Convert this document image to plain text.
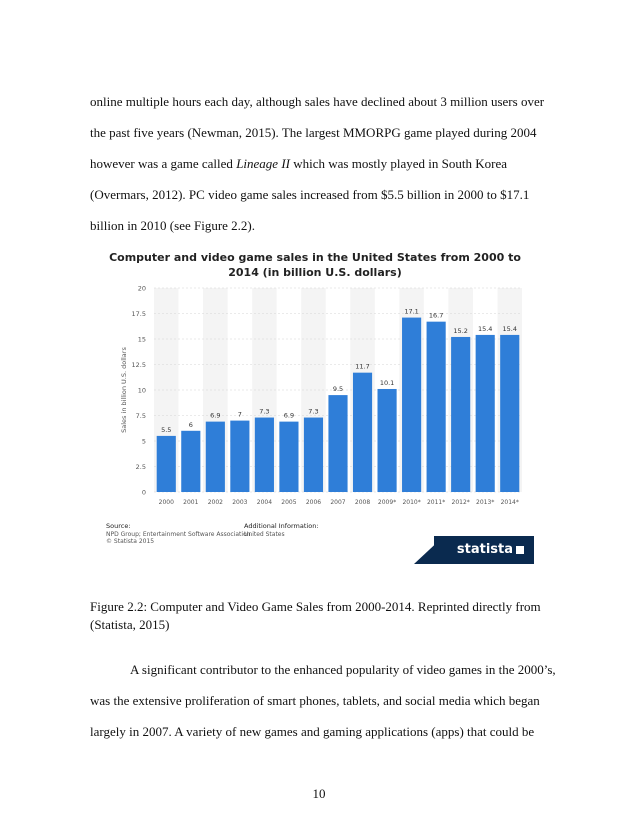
online multiple hours each day, although sales have declined about 3 million users over
the past five years (Newman, 2015). The largest MMORPG game played during 2004
however was a game called Lineage II which was mostly played in South Korea
(Overmars, 2012). PC video game sales increased from $5.5 billion in 2000 to $17.1
billion in 2010 (see Figure 2.2).
Computer and video game sales in the United States from 2000 to 2014 (in billion U.S. dollars)
0
2.5
5
7.5
10
12.5
15
17.5
20
Sales in billion U.S. dollars	5.5
2000
6
2001
6.9
2002
7
2003
7.3
2004
6.9
2005
7.3
2006
9.5
2007
11.7
2008
10.1
2009*
17.1
2010*
16.7
2011*
15.2
2012*
15.4
2013*
15.4
2014*
Source:
NPD Group; Entertainment Software Association
© Statista 2015
Additional Information:
United States
statista
Figure 2.2: Computer and Video Game Sales from 2000-2014. Reprinted directly from (Statista, 2015)
A significant contributor to the enhanced popularity of video games in the 2000’s,
was the extensive proliferation of smart phones, tablets, and social media which began
largely in 2007. A variety of new games and gaming applications (apps) that could be
10
